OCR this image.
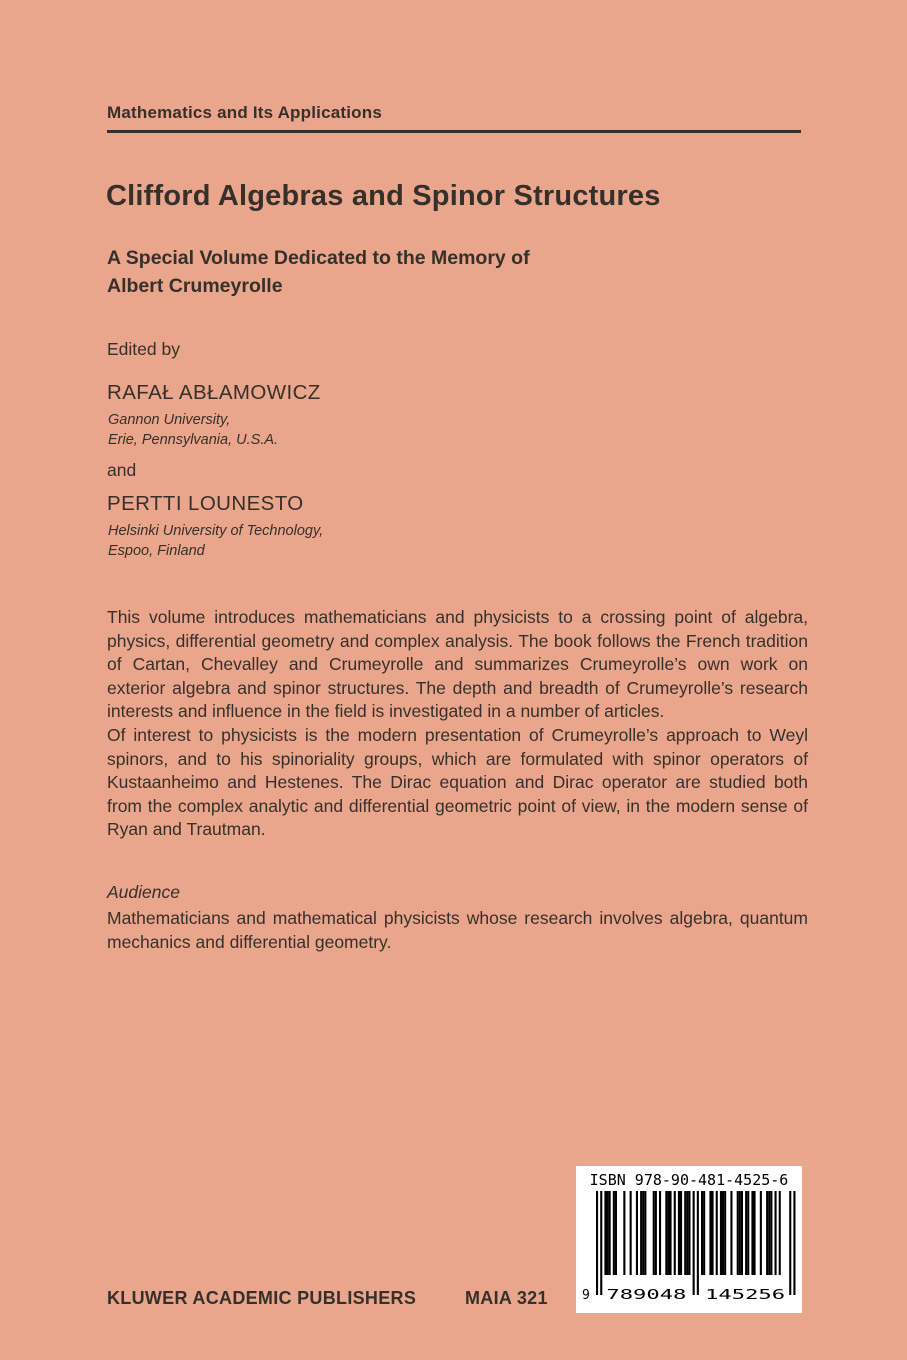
Mathematics and Its Applications
Clifford Algebras and Spinor Structures
A Special Volume Dedicated to the Memory of
Albert Crumeyrolle
Edited by
RAFAŁ ABŁAMOWICZ
Gannon University,
Erie, Pennsylvania, U.S.A.
and
PERTTI LOUNESTO
Helsinki University of Technology,
Espoo, Finland

This volume introduces mathematicians and physicists to a crossing point of algebra, physics, differential geometry and complex analysis. The book follows the French tradition of Cartan, Chevalley and Crumeyrolle and summarizes Crumeyrolle’s own work on exterior algebra and spinor structures. The depth and breadth of Crumeyrolle’s research interests and influence in the field is investigated in a number of articles.

Of interest to physicists is the modern presentation of Crumeyrolle’s approach to Weyl spinors, and to his spinoriality groups, which are formulated with spinor operators of Kustaanheimo and Hestenes. The Dirac equation and Dirac operator are studied both from the complex analytic and differential geometric point of view, in the modern sense of Ryan and Trautman.

Audience

Mathematicians and mathematical physicists whose research involves algebra, quantum mechanics and differential geometry.

KLUWER ACADEMIC PUBLISHERS	MAIA 321
ISBN 978-90-481-4525-6
9 789048 145256
